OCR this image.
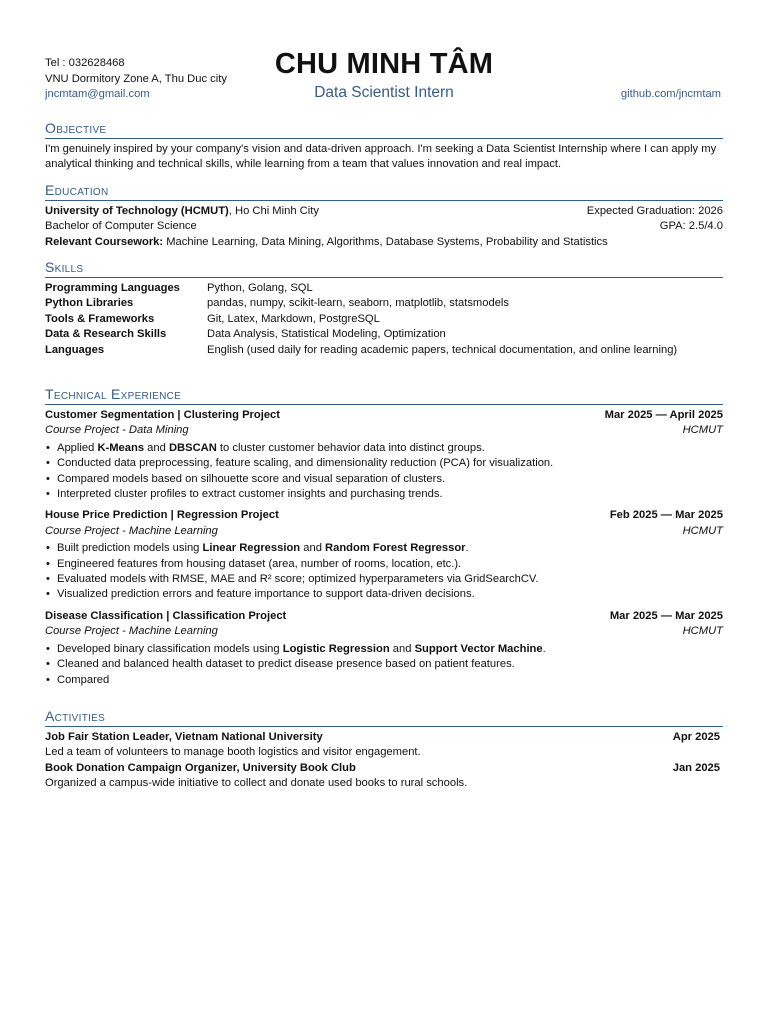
Tel : 032628468
VNU Dormitory Zone A, Thu Duc city
jncmtam@gmail.com
CHU MINH TÂM
Data Scientist Intern	github.com/jncmtam
Objective
I'm genuinely inspired by your company's vision and data-driven approach. I'm seeking a Data Scientist Internship where I can apply my analytical thinking and technical skills, while learning from a team that values innovation and real impact.
Education
University of Technology (HCMUT), Ho Chi Minh City	Expected Graduation: 2026
Bachelor of Computer Science	GPA: 2.5/4.0
Relevant Coursework: Machine Learning, Data Mining, Algorithms, Database Systems, Probability and Statistics
Skills
Programming Languages	Python, Golang, SQL
Python Libraries	pandas, numpy, scikit-learn, seaborn, matplotlib, statsmodels
Tools & Frameworks	Git, Latex, Markdown, PostgreSQL
Data & Research Skills	Data Analysis, Statistical Modeling, Optimization
Languages	English (used daily for reading academic papers, technical documentation, and online learning)
Technical Experience
Customer Segmentation | Clustering Project	Mar 2025 — April 2025
Course Project - Data Mining	HCMUT
• Applied K-Means and DBSCAN to cluster customer behavior data into distinct groups.
• Conducted data preprocessing, feature scaling, and dimensionality reduction (PCA) for visualization.
• Compared models based on silhouette score and visual separation of clusters.
• Interpreted cluster profiles to extract customer insights and purchasing trends.
House Price Prediction | Regression Project	Feb 2025 — Mar 2025
Course Project - Machine Learning	HCMUT
• Built prediction models using Linear Regression and Random Forest Regressor.
• Engineered features from housing dataset (area, number of rooms, location, etc.).
• Evaluated models with RMSE, MAE and R² score; optimized hyperparameters via GridSearchCV.
• Visualized prediction errors and feature importance to support data-driven decisions.
Disease Classification | Classification Project	Mar 2025 — Mar 2025
Course Project - Machine Learning	HCMUT
• Developed binary classification models using Logistic Regression and Support Vector Machine.
• Cleaned and balanced health dataset to predict disease presence based on patient features.
• Compared
Activities
Job Fair Station Leader, Vietnam National University	Apr 2025
Led a team of volunteers to manage booth logistics and visitor engagement.
Book Donation Campaign Organizer, University Book Club	Jan 2025
Organized a campus-wide initiative to collect and donate used books to rural schools.
